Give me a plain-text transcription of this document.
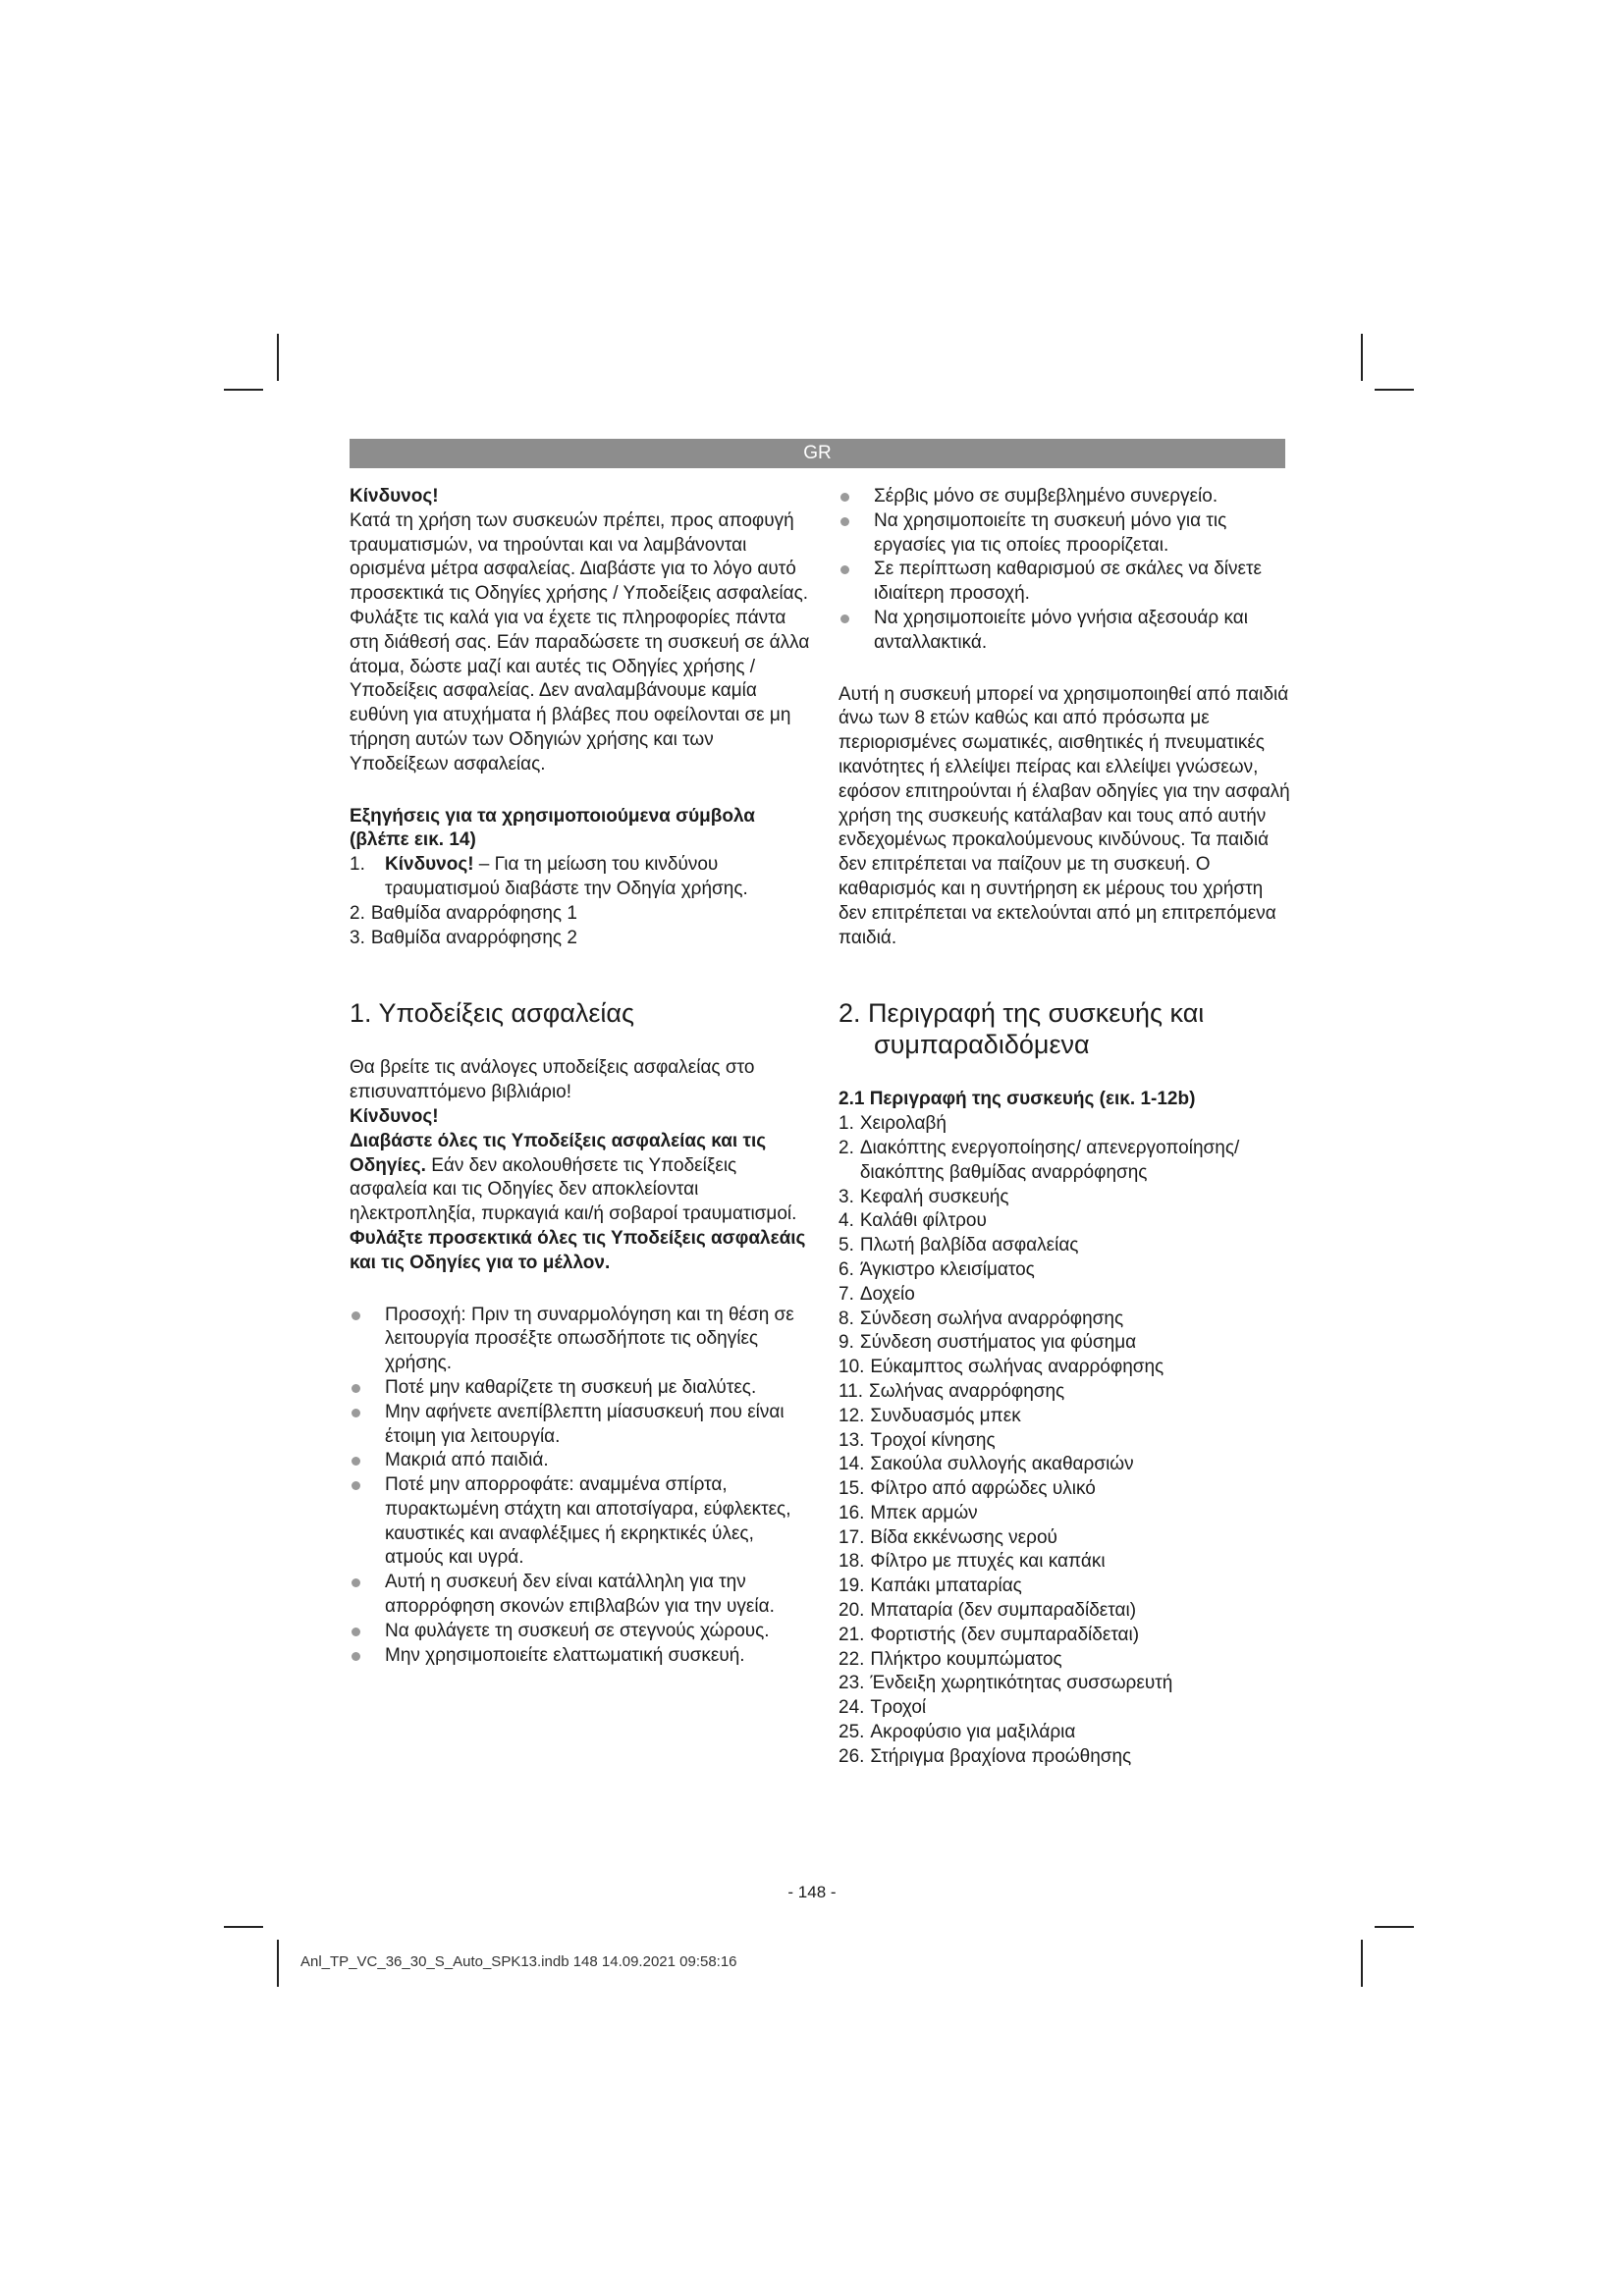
GR

Κίνδυνος!

Κατά τη χρήση των συσκευών πρέπει, προς αποφυγή τραυματισμών, να τηρούνται και να λαμβάνονται ορισμένα μέτρα ασφαλείας. Διαβάστε για το λόγο αυτό προσεκτικά τις Οδηγίες χρήσης / Υποδείξεις ασφαλείας. Φυλάξτε τις καλά για να έχετε τις πληροφορίες πάντα στη διάθεσή σας. Εάν παραδώσετε τη συσκευή σε άλλα άτομα, δώστε μαζί και αυτές τις Οδηγίες χρήσης / Υποδείξεις ασφαλείας. Δεν αναλαμβάνουμε καμία ευθύνη για ατυχήματα ή βλάβες που οφείλονται σε μη τήρηση αυτών των Οδηγιών χρήσης και των Υποδείξεων ασφαλείας.

Εξηγήσεις για τα χρησιμοποιούμενα σύμβολα (βλέπε εικ. 14)

1.	Κίνδυνος! – Για τη μείωση του κινδύνου τραυματισμού διαβάστε την Οδηγία χρήσης.
2. Βαθμίδα αναρρόφησης 1
3. Βαθμίδα αναρρόφησης 2
1. Υποδείξεις ασφαλείας

Θα βρείτε τις ανάλογες υποδείξεις ασφαλείας στο επισυναπτόμενο βιβλιάριο!

Κίνδυνος!

Διαβάστε όλες τις Υποδείξεις ασφαλείας και τις Οδηγίες. Εάν δεν ακολουθήσετε τις Υποδείξεις ασφαλεία και τις Οδηγίες δεν αποκλείονται ηλεκτροπληξία, πυρκαγιά και/ή σοβαροί τραυματισμοί. Φυλάξτε προσεκτικά όλες τις Υποδείξεις ασφαλεάις και τις Οδηγίες για το μέλλον.

Προσοχή: Πριν τη συναρμολόγηση και τη θέση σε λειτουργία προσέξτε οπωσδήποτε τις οδηγίες χρήσης.
Ποτέ μην καθαρίζετε τη συσκευή με διαλύτες.
Μην αφήνετε ανεπίβλεπτη μίασυσκευή που είναι έτοιμη για λειτουργία.
Μακριά από παιδιά.
Ποτέ μην απορροφάτε: αναμμένα σπίρτα, πυρακτωμένη στάχτη και αποτσίγαρα, εύφλεκτες, καυστικές και αναφλέξιμες ή εκρηκτικές ύλες, ατμούς και υγρά.
Αυτή η συσκευή δεν είναι κατάλληλη για την απορρόφηση σκονών επιβλαβών για την υγεία.
Να φυλάγετε τη συσκευή σε στεγνούς χώρους.
Μην χρησιμοποιείτε ελαττωματική συσκευή.
Σέρβις μόνο σε συμβεβλημένο συνεργείο.
Να χρησιμοποιείτε τη συσκευή μόνο για τις εργασίες για τις οποίες προορίζεται.
Σε περίπτωση καθαρισμού σε σκάλες να δίνετε ιδιαίτερη προσοχή.
Να χρησιμοποιείτε μόνο γνήσια αξεσουάρ και ανταλλακτικά.

Αυτή η συσκευή μπορεί να χρησιμοποιηθεί από παιδιά άνω των 8 ετών καθώς και από πρόσωπα με περιορισμένες σωματικές, αισθητικές ή πνευματικές ικανότητες ή ελλείψει πείρας και ελλείψει γνώσεων, εφόσον επιτηρούνται ή έλαβαν οδηγίες για την ασφαλή χρήση της συσκευής κατάλαβαν και τους από αυτήν ενδεχομένως προκαλούμενους κινδύνους. Τα παιδιά δεν επιτρέπεται να παίζουν με τη συσκευή. Ο καθαρισμός και η συντήρηση εκ μέρους του χρήστη δεν επιτρέπεται να εκτελούνται από μη επιτρεπόμενα παιδιά.

2. Περιγραφή της συσκευής και συμπαραδιδόμενα

2.1 Περιγραφή της συσκευής (εικ. 1-12b)

1. Χειρολαβή
2. Διακόπτης ενεργοποίησης/ απενεργοποίησης/διακόπτης βαθμίδας αναρρόφησης
3. Κεφαλή συσκευής
4. Καλάθι φίλτρου
5. Πλωτή βαλβίδα ασφαλείας
6. Άγκιστρο κλεισίματος
7. Δοχείο
8. Σύνδεση σωλήνα αναρρόφησης
9. Σύνδεση συστήματος για φύσημα
10. Εύκαμπτος σωλήνας αναρρόφησης
11. Σωλήνας αναρρόφησης
12. Συνδυασμός μπεκ
13. Τροχοί κίνησης
14. Σακούλα συλλογής ακαθαρσιών
15. Φίλτρο από αφρώδες υλικό
16. Μπεκ αρμών
17. Βίδα εκκένωσης νερού
18. Φίλτρο με πτυχές και καπάκι
19. Καπάκι μπαταρίας
20. Μπαταρία (δεν συμπαραδίδεται)
21. Φορτιστής (δεν συμπαραδίδεται)
22. Πλήκτρο κουμπώματος
23. Ένδειξη χωρητικότητας συσσωρευτή
24. Τροχοί
25. Ακροφύσιο για μαξιλάρια
26. Στήριγμα βραχίονα προώθησης
- 148 -
Anl_TP_VC_36_30_S_Auto_SPK13.indb 148 14.09.2021 09:58:16
